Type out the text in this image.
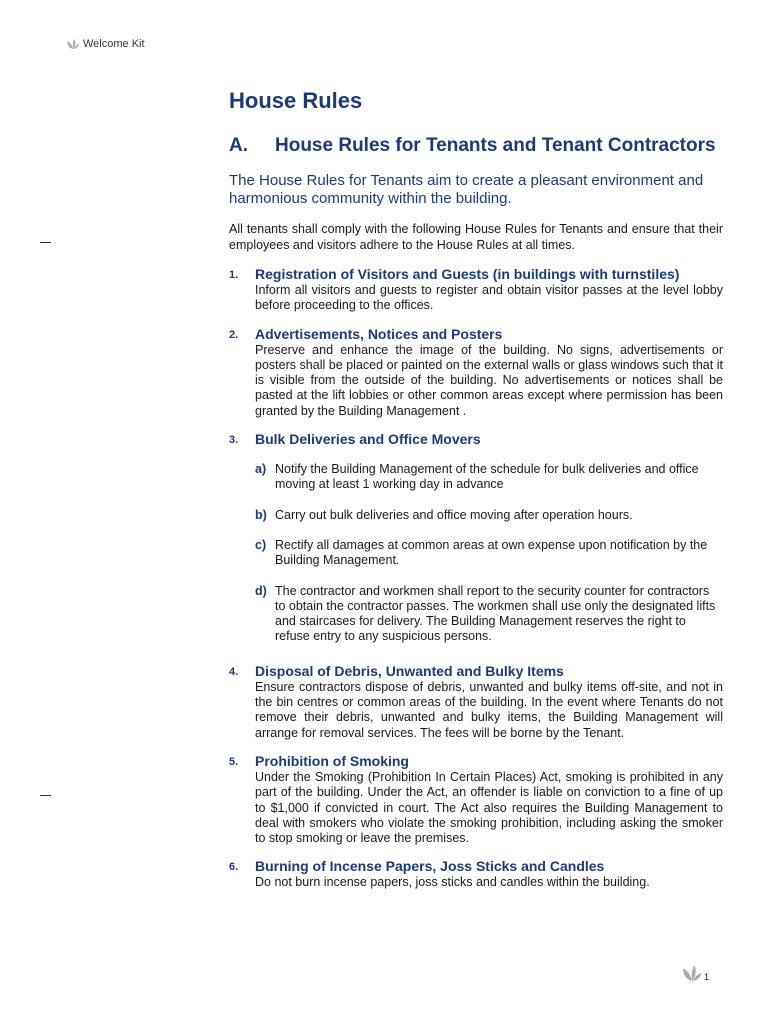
Welcome Kit
House Rules
A.	House Rules for Tenants and Tenant Contractors
The House Rules for Tenants aim to create a pleasant environment and harmonious community within the building.
All tenants shall comply with the following House Rules for Tenants and ensure that their employees and visitors adhere to the House Rules at all times.
1.	Registration of Visitors and Guests (in buildings with turnstiles)
Inform all visitors and guests to register and obtain visitor passes at the level lobby before proceeding to the offices.
2.	Advertisements, Notices and Posters
Preserve and enhance the image of the building. No signs, advertisements or posters shall be placed or painted on the external walls or glass windows such that it is visible from the outside of the building. No advertisements or notices shall be pasted at the lift lobbies or other common areas except where permission has been granted by the Building Management .
3.	Bulk Deliveries and Office Movers
a) Notify the Building Management of the schedule for bulk deliveries and office moving at least 1 working day in advance
b) Carry out bulk deliveries and office moving after operation hours.
c) Rectify all damages at common areas at own expense upon notification by the Building Management.
d) The contractor and workmen shall report to the security counter for contractors to obtain the contractor passes. The workmen shall use only the designated lifts and staircases for delivery. The Building Management reserves the right to refuse entry to any suspicious persons.
4.	Disposal of Debris, Unwanted and Bulky Items
Ensure contractors dispose of debris, unwanted and bulky items off-site, and not in the bin centres or common areas of the building. In the event where Tenants do not remove their debris, unwanted and bulky items, the Building Management will arrange for removal services. The fees will be borne by the Tenant.
5.	Prohibition of Smoking
Under the Smoking (Prohibition In Certain Places) Act, smoking is prohibited in any part of the building. Under the Act, an offender is liable on conviction to a fine of up to $1,000 if convicted in court. The Act also requires the Building Management to deal with smokers who violate the smoking prohibition, including asking the smoker to stop smoking or leave the premises.
6.	Burning of Incense Papers, Joss Sticks and Candles
Do not burn incense papers, joss sticks and candles within the building.
1
